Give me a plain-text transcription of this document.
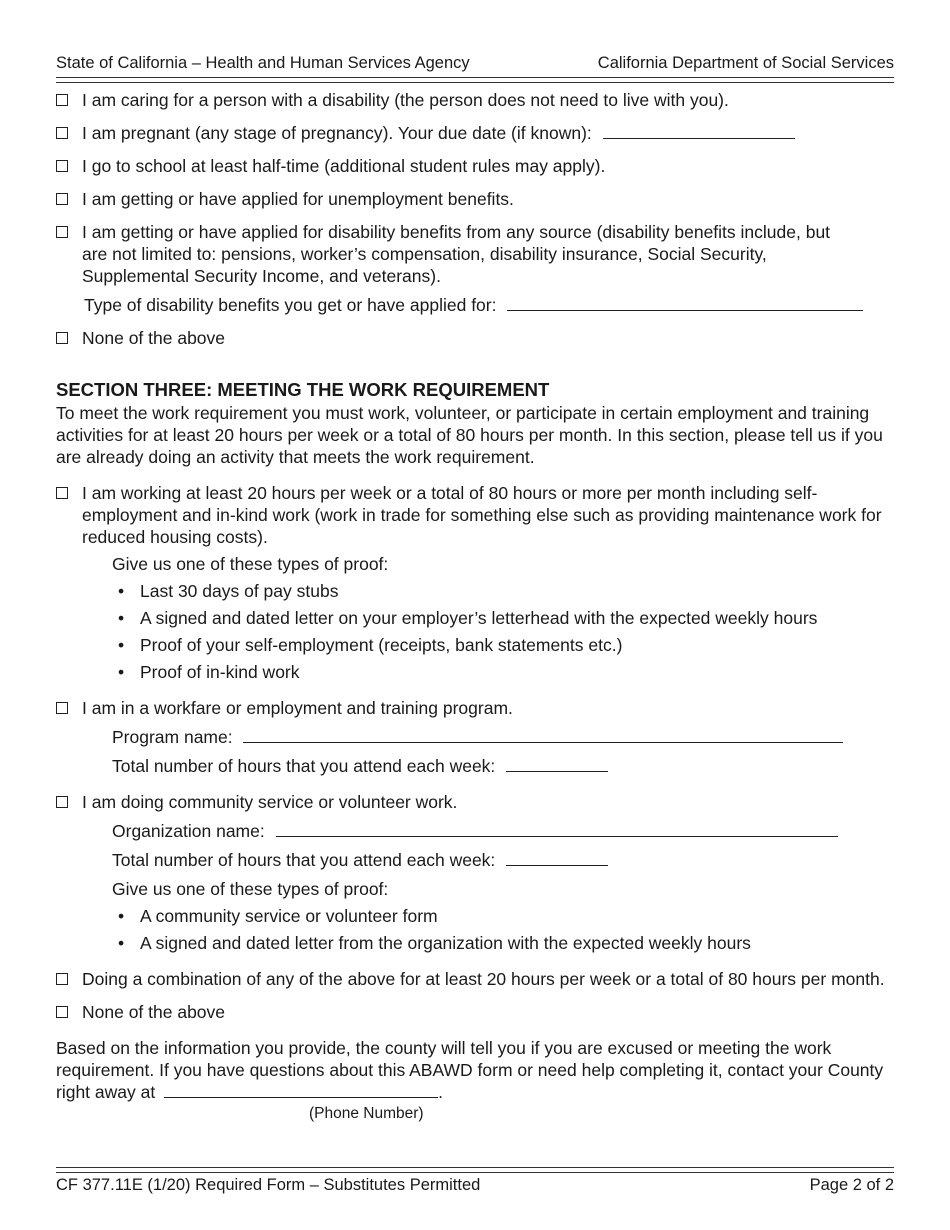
State of California – Health and Human Services Agency	California Department of Social Services
I am caring for a person with a disability (the person does not need to live with you).
I am pregnant (any stage of pregnancy). Your due date (if known):
I go to school at least half-time (additional student rules may apply).
I am getting or have applied for unemployment benefits.
I am getting or have applied for disability benefits from any source (disability benefits include, but are not limited to: pensions, worker’s compensation, disability insurance, Social Security, Supplemental Security Income, and veterans).
Type of disability benefits you get or have applied for:
None of the above
SECTION THREE: MEETING THE WORK REQUIREMENT

To meet the work requirement you must work, volunteer, or participate in certain employment and training activities for at least 20 hours per week or a total of 80 hours per month. In this section, please tell us if you are already doing an activity that meets the work requirement.

I am working at least 20 hours per week or a total of 80 hours or more per month including self-employment and in-kind work (work in trade for something else such as providing maintenance work for reduced housing costs).
Give us one of these types of proof:
• Last 30 days of pay stubs
• A signed and dated letter on your employer’s letterhead with the expected weekly hours
• Proof of your self-employment (receipts, bank statements etc.)
• Proof of in-kind work
I am in a workfare or employment and training program.
Program name:
Total number of hours that you attend each week:
I am doing community service or volunteer work.
Organization name:
Total number of hours that you attend each week:
Give us one of these types of proof:
• A community service or volunteer form
• A signed and dated letter from the organization with the expected weekly hours
Doing a combination of any of the above for at least 20 hours per week or a total of 80 hours per month.
None of the above

Based on the information you provide, the county will tell you if you are excused or meeting the work requirement. If you have questions about this ABAWD form or need help completing it, contact your County right away at	.

(Phone Number)
CF 377.11E (1/20) Required Form – Substitutes Permitted	Page 2 of 2
